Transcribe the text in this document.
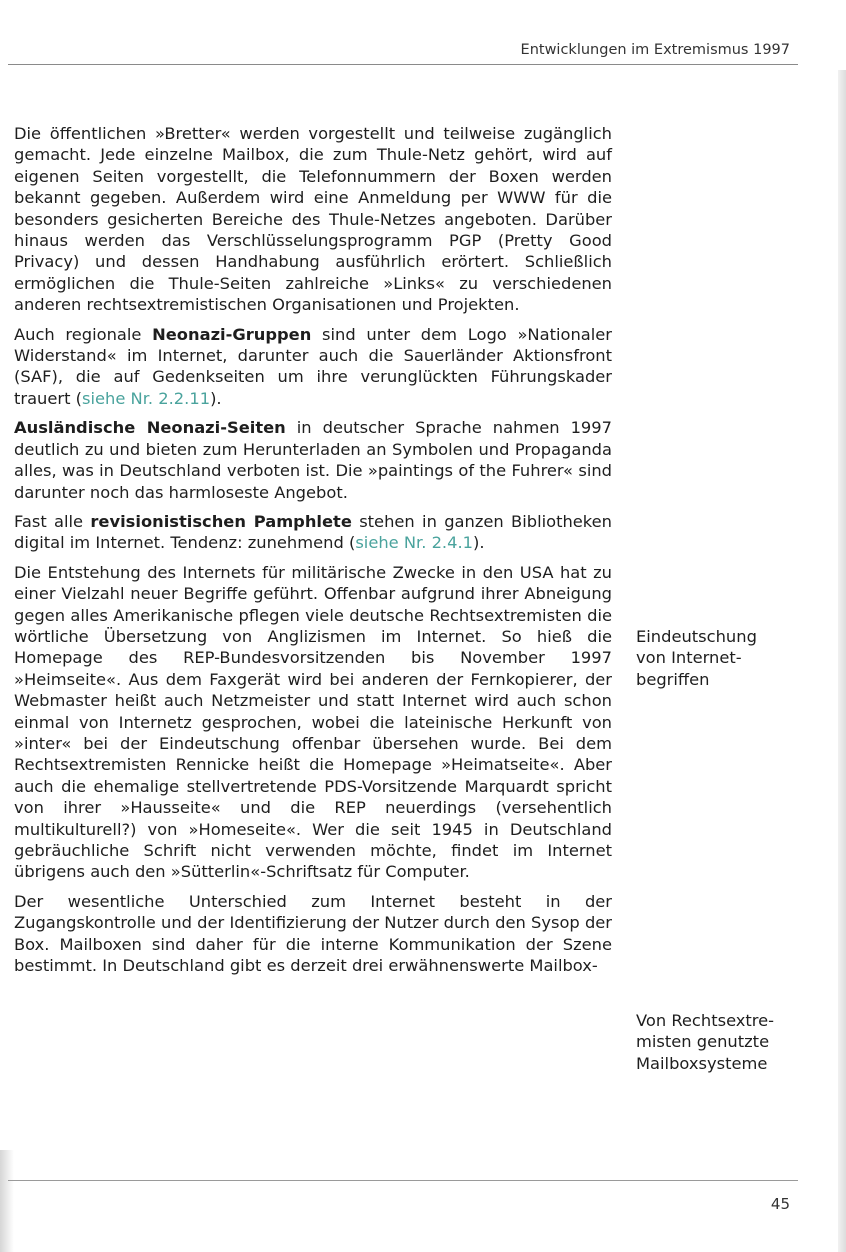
Entwicklungen im Extremismus 1997

Die öffentlichen »Bretter« werden vorgestellt und teilweise zugänglich gemacht. Jede einzelne Mailbox, die zum Thule-Netz gehört, wird auf eigenen Seiten vorgestellt, die Telefonnummern der Boxen werden bekannt gegeben. Außerdem wird eine Anmeldung per WWW für die besonders gesicherten Bereiche des Thule-Netzes angeboten. Darüber hinaus werden das Verschlüsselungsprogramm PGP (Pretty Good Privacy) und dessen Handhabung ausführlich erörtert. Schließlich ermöglichen die Thule-Seiten zahlreiche »Links« zu verschiedenen anderen rechtsextremistischen Organisationen und Projekten.

Auch regionale Neonazi-Gruppen sind unter dem Logo »Nationaler Widerstand« im Internet, darunter auch die Sauerländer Aktionsfront (SAF), die auf Gedenkseiten um ihre verunglückten Führungskader trauert (siehe Nr. 2.2.11).

Ausländische Neonazi-Seiten in deutscher Sprache nahmen 1997 deutlich zu und bieten zum Herunterladen an Symbolen und Propaganda alles, was in Deutschland verboten ist. Die »paintings of the Fuhrer« sind darunter noch das harmloseste Angebot.

Fast alle revisionistischen Pamphlete stehen in ganzen Bibliotheken digital im Internet. Tendenz: zunehmend (siehe Nr. 2.4.1).

Die Entstehung des Internets für militärische Zwecke in den USA hat zu einer Vielzahl neuer Begriffe geführt. Offenbar aufgrund ihrer Abneigung gegen alles Amerikanische pflegen viele deutsche Rechtsextremisten die wörtliche Übersetzung von Anglizismen im Internet. So hieß die Homepage des REP-Bundesvorsitzenden bis November 1997 »Heimseite«. Aus dem Faxgerät wird bei anderen der Fernkopierer, der Webmaster heißt auch Netzmeister und statt Internet wird auch schon einmal von Internetz gesprochen, wobei die lateinische Herkunft von »inter« bei der Eindeutschung offenbar übersehen wurde. Bei dem Rechtsextremisten Rennicke heißt die Homepage »Heimatseite«. Aber auch die ehemalige stellvertretende PDS-Vorsitzende Marquardt spricht von ihrer »Hausseite« und die REP neuerdings (versehentlich multikulturell?) von »Homeseite«. Wer die seit 1945 in Deutschland gebräuchliche Schrift nicht verwenden möchte, findet im Internet übrigens auch den »Sütterlin«-Schriftsatz für Computer.

Der wesentliche Unterschied zum Internet besteht in der Zugangskontrolle und der Identifizierung der Nutzer durch den Sysop der Box. Mailboxen sind daher für die interne Kommunikation der Szene bestimmt. In Deutschland gibt es derzeit drei erwähnenswerte Mailbox-

Eindeutschung
von Internet-
begriffen
Von Rechtsextre-
misten genutzte
Mailboxsysteme
45
